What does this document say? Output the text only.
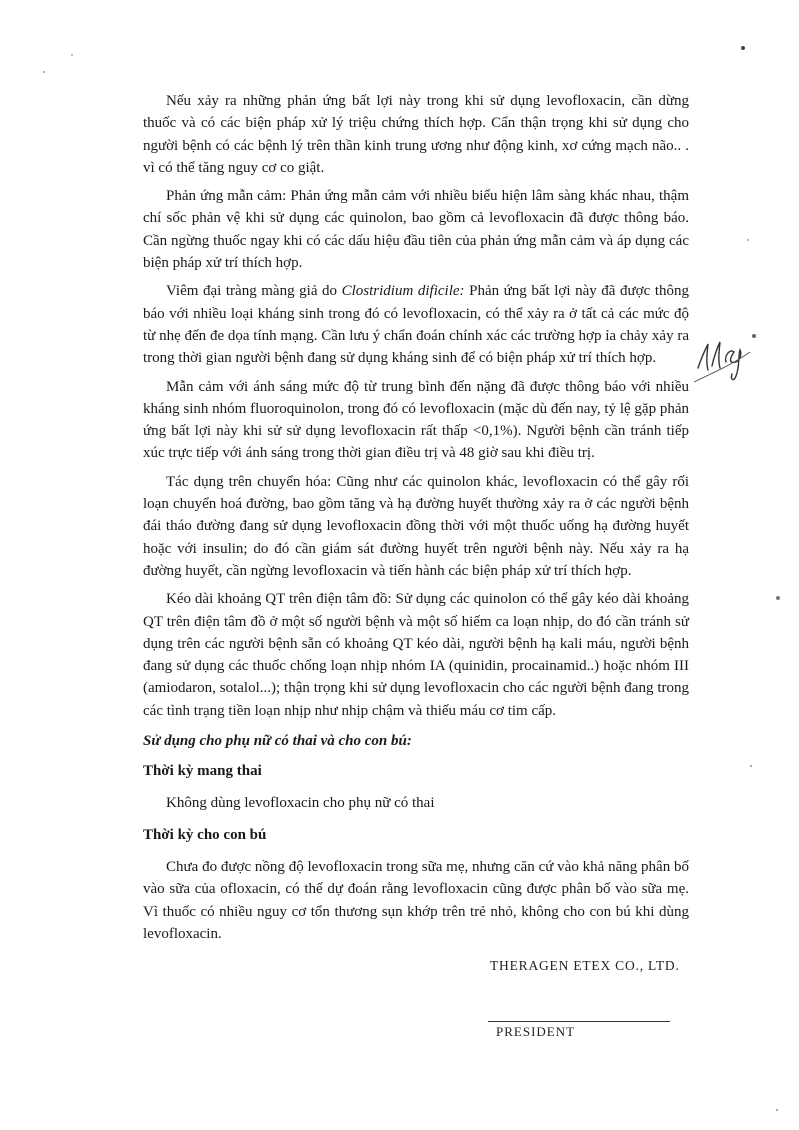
Nếu xảy ra những phản ứng bất lợi này trong khi sử dụng levofloxacin, cần dừng thuốc và có các biện pháp xử lý triệu chứng thích hợp. Cẩn thận trọng khi sử dụng cho người bệnh có các bệnh lý trên thần kinh trung ương như động kinh, xơ cứng mạch não.. . vì có thể tăng nguy cơ co giật.

Phản ứng mẫn cảm: Phản ứng mẫn cảm với nhiều biểu hiện lâm sàng khác nhau, thậm chí sốc phản vệ khi sử dụng các quinolon, bao gồm cả levofloxacin đã được thông báo. Cần ngừng thuốc ngay khi có các dấu hiệu đầu tiên của phản ứng mẫn cảm và áp dụng các biện pháp xử trí thích hợp.

Viêm đại tràng màng giả do Clostridium dificile: Phản ứng bất lợi này đã được thông báo với nhiều loại kháng sinh trong đó có levofloxacin, có thể xảy ra ở tất cả các mức độ từ nhẹ đến đe dọa tính mạng. Cần lưu ý chẩn đoán chính xác các trường hợp ỉa chảy xảy ra trong thời gian người bệnh đang sử dụng kháng sinh để có biện pháp xử trí thích hợp.

Mẫn cảm với ánh sáng mức độ từ trung bình đến nặng đã được thông báo với nhiều kháng sinh nhóm fluoroquinolon, trong đó có levofloxacin (mặc dù đến nay, tỷ lệ gặp phản ứng bất lợi này khi sử sử dụng levofloxacin rất thấp <0,1%). Người bệnh cần tránh tiếp xúc trực tiếp với ánh sáng trong thời gian điều trị và 48 giờ sau khi điều trị.

Tác dụng trên chuyển hóa: Cũng như các quinolon khác, levofloxacin có thể gây rối loạn chuyển hoá đường, bao gồm tăng và hạ đường huyết thường xảy ra ở các người bệnh đái tháo đường đang sử dụng levofloxacin đồng thời với một thuốc uống hạ đường huyết hoặc với insulin; do đó cần giám sát đường huyết trên người bệnh này. Nếu xảy ra hạ đường huyết, cần ngừng levofloxacin và tiến hành các biện pháp xử trí thích hợp.

Kéo dài khoảng QT trên điện tâm đồ: Sử dụng các quinolon có thể gây kéo dài khoảng QT trên điện tâm đồ ở một số người bệnh và một số hiếm ca loạn nhịp, do đó cần tránh sử dụng trên các người bệnh sẵn có khoảng QT kéo dài, người bệnh hạ kali máu, người bệnh đang sử dụng các thuốc chống loạn nhịp nhóm IA (quinidin, procainamid..) hoặc nhóm III (amiodaron, sotalol...); thận trọng khi sử dụng levofloxacin cho các người bệnh đang trong các tình trạng tiền loạn nhịp như nhịp chậm và thiếu máu cơ tim cấp.

Sử dụng cho phụ nữ có thai và cho con bú:
Thời kỳ mang thai

Không dùng levofloxacin cho phụ nữ có thai

Thời kỳ cho con bú

Chưa đo được nồng độ levofloxacin trong sữa mẹ, nhưng căn cứ vào khả năng phân bố vào sữa của ofloxacin, có thể dự đoán rằng levofloxacin cũng được phân bố vào sữa mẹ. Vì thuốc có nhiều nguy cơ tổn thương sụn khớp trên trẻ nhỏ, không cho con bú khi dùng levofloxacin.

THERAGEN ETEX CO., LTD.
PRESIDENT
